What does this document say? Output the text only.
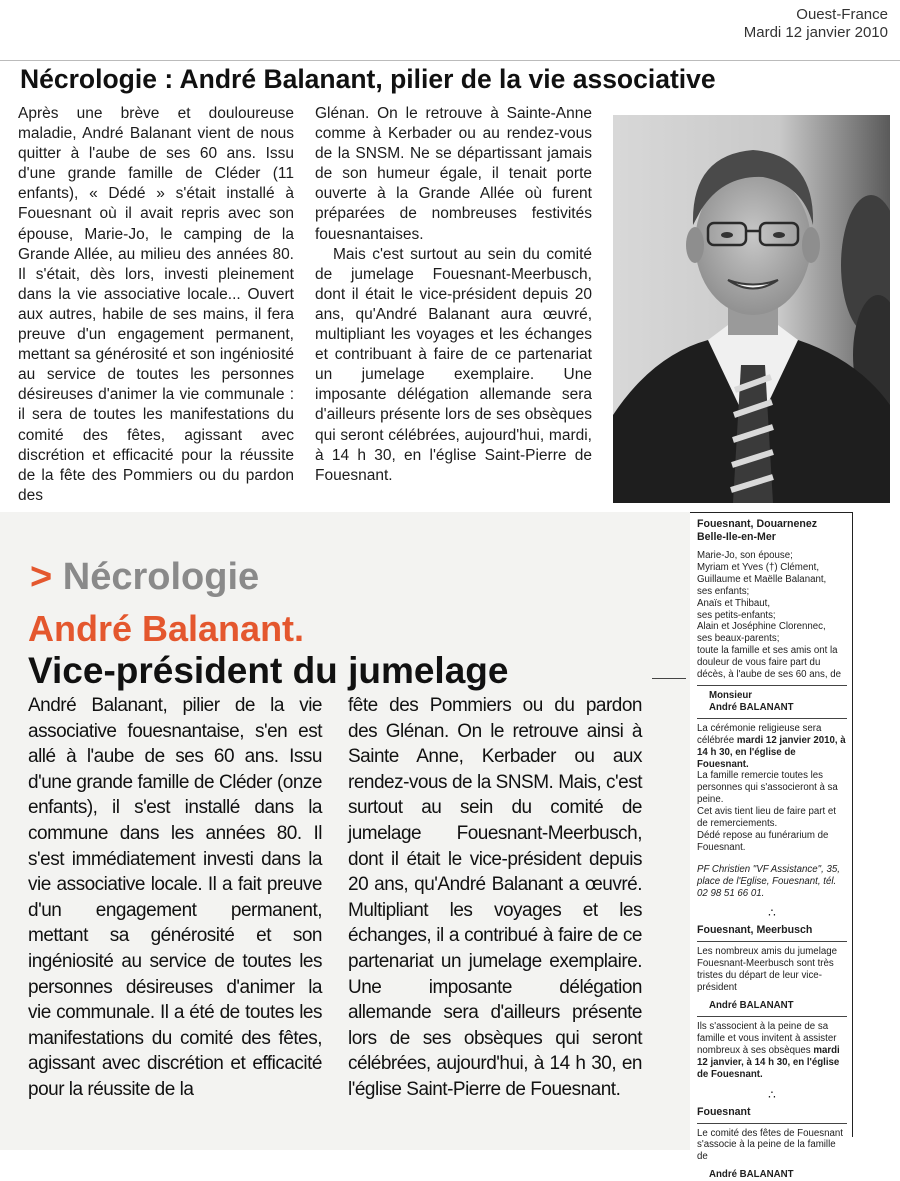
Ouest-France
Mardi 12 janvier 2010
Nécrologie : André Balanant, pilier de la vie associative

Après une brève et douloureuse maladie, André Balanant vient de nous quitter à l'aube de ses 60 ans. Issu d'une grande famille de Cléder (11 enfants), « Dédé » s'était installé à Fouesnant où il avait repris avec son épouse, Marie-Jo, le camping de la Grande Allée, au milieu des années 80. Il s'était, dès lors, investi pleinement dans la vie associative locale... Ouvert aux autres, habile de ses mains, il fera preuve d'un engagement permanent, mettant sa générosité et son ingéniosité au service de toutes les personnes désireuses d'animer la vie communale : il sera de toutes les manifestations du comité des fêtes, agissant avec discrétion et efficacité pour la réussite de la fête des Pommiers ou du pardon des

Glénan. On le retrouve à Sainte-Anne comme à Kerbader ou au rendez-vous de la SNSM. Ne se départissant jamais de son humeur égale, il tenait porte ouverte à la Grande Allée où furent préparées de nombreuses festivités fouesnantaises.

Mais c'est surtout au sein du comité de jumelage Fouesnant-Meerbusch, dont il était le vice-président depuis 20 ans, qu'André Balanant aura œuvré, multipliant les voyages et les échanges et contribuant à faire de ce partenariat un jumelage exemplaire. Une imposante délégation allemande sera d'ailleurs présente lors de ses obsèques qui seront célébrées, aujourd'hui, mardi, à 14 h 30, en l'église Saint-Pierre de Fouesnant.

> Nécrologie
André Balanant.
Vice-président du jumelage

André Balanant, pilier de la vie associative fouesnantaise, s'en est allé à l'aube de ses 60 ans. Issu d'une grande famille de Cléder (onze enfants), il s'est installé dans la commune dans les années 80. Il s'est immédiatement investi dans la vie associative locale. Il a fait preuve d'un engagement permanent, mettant sa générosité et son ingéniosité au service de toutes les personnes désireuses d'animer la vie communale. Il a été de toutes les manifestations du comité des fêtes, agissant avec discrétion et efficacité pour la réussite de la

fête des Pommiers ou du pardon des Glénan. On le retrouve ainsi à Sainte Anne, Kerbader ou aux rendez-vous de la SNSM. Mais, c'est surtout au sein du comité de jumelage Fouesnant-Meerbusch, dont il était le vice-président depuis 20 ans, qu'André Balanant a œuvré. Multipliant les voyages et les échanges, il a contribué à faire de ce partenariat un jumelage exemplaire. Une imposante délégation allemande sera d'ailleurs présente lors de ses obsèques qui seront célébrées, aujourd'hui, à 14 h 30, en l'église Saint-Pierre de Fouesnant.

Fouesnant, Douarnenez
Belle-Ile-en-Mer

Marie-Jo, son épouse;

Myriam et Yves (†) Clément,

Guillaume et Maëlle Balanant,

ses enfants;

Anaïs et Thibaut,

ses petits-enfants;

Alain et Joséphine Clorennec,

ses beaux-parents;

toute la famille et ses amis ont la douleur de vous faire part du décès, à l'aube de ses 60 ans, de

Monsieur

André BALANANT

La cérémonie religieuse sera célébrée mardi 12 janvier 2010, à 14 h 30, en l'église de Fouesnant.

La famille remercie toutes les personnes qui s'associeront à sa peine.

Cet avis tient lieu de faire part et de remerciements.

Dédé repose au funérarium de Fouesnant.

PF Christien "VF Assistance", 35, place de l'Eglise, Fouesnant, tél. 02 98 51 66 01.

∴

Fouesnant, Meerbusch

Les nombreux amis du jumelage Fouesnant-Meerbusch sont très tristes du départ de leur vice-président

André BALANANT

Ils s'associent à la peine de sa famille et vous invitent à assister nombreux à ses obsèques mardi 12 janvier, à 14 h 30, en l'église de Fouesnant.

∴

Fouesnant

Le comité des fêtes de Fouesnant s'associe à la peine de la famille de

André BALANANT
